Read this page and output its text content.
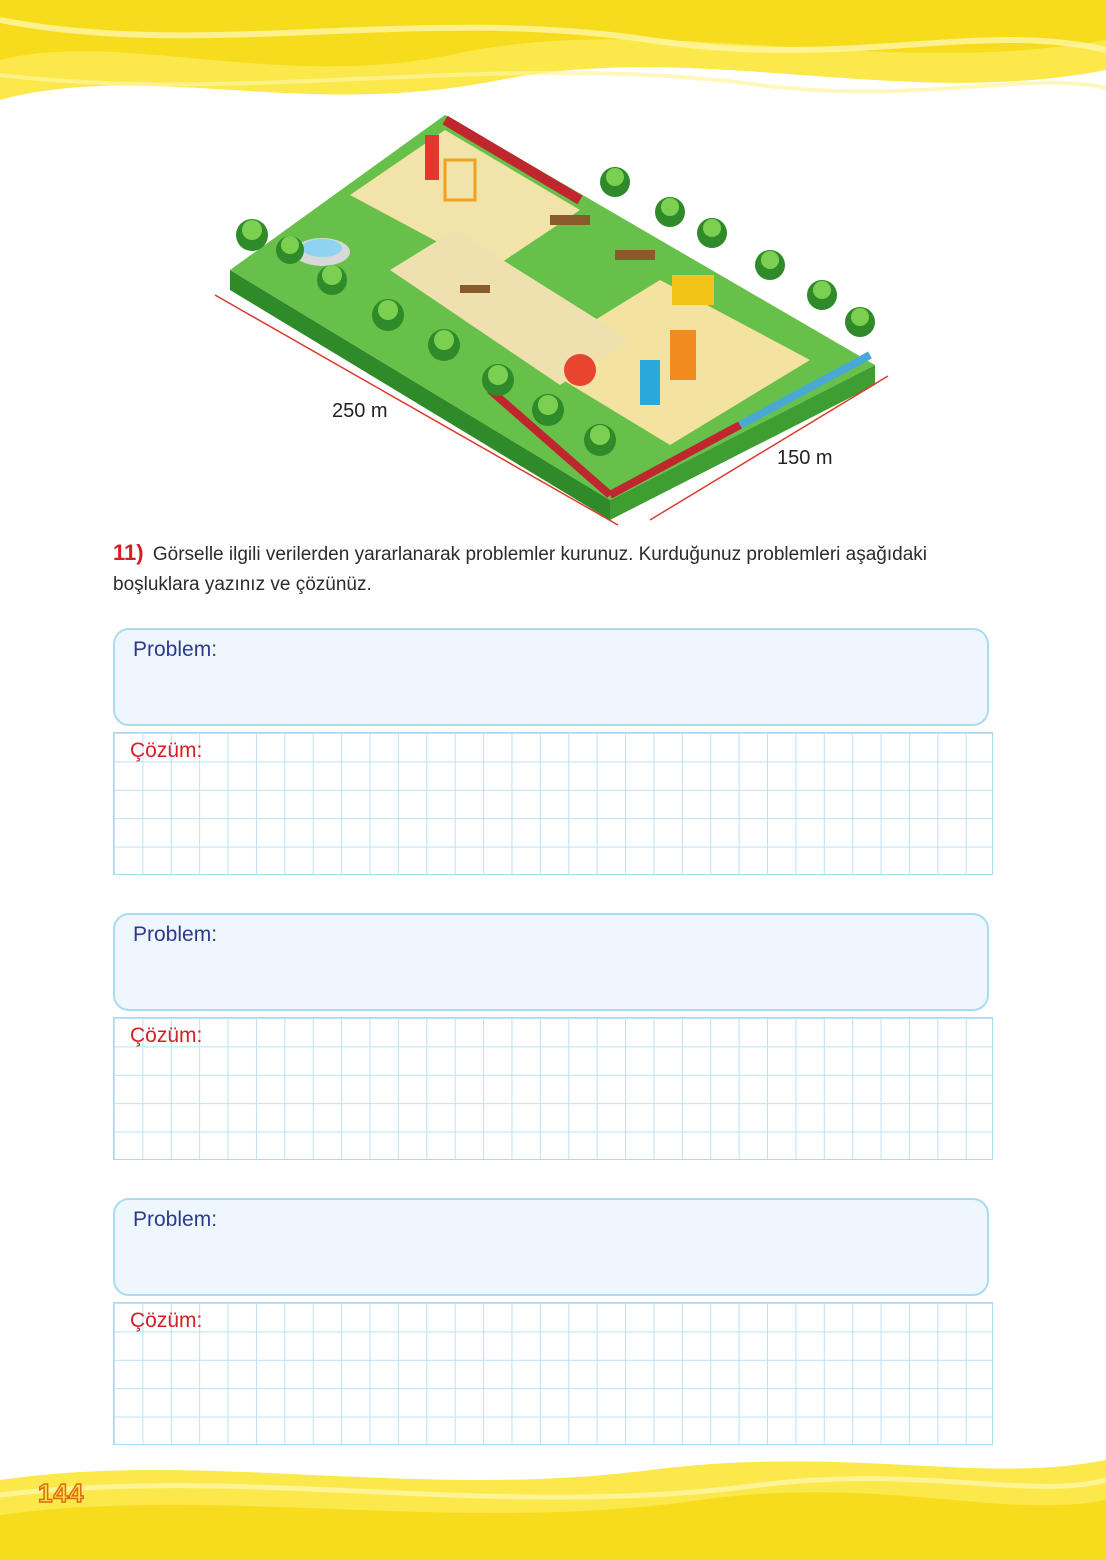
250 m
150 m
11) Görselle ilgili verilerden yararlanarak problemler kurunuz. Kurduğunuz problemleri aşağıdaki boşluklara yazınız ve çözünüz.
Problem:
Çözüm:
Problem:
Çözüm:
Problem:
Çözüm:
144
